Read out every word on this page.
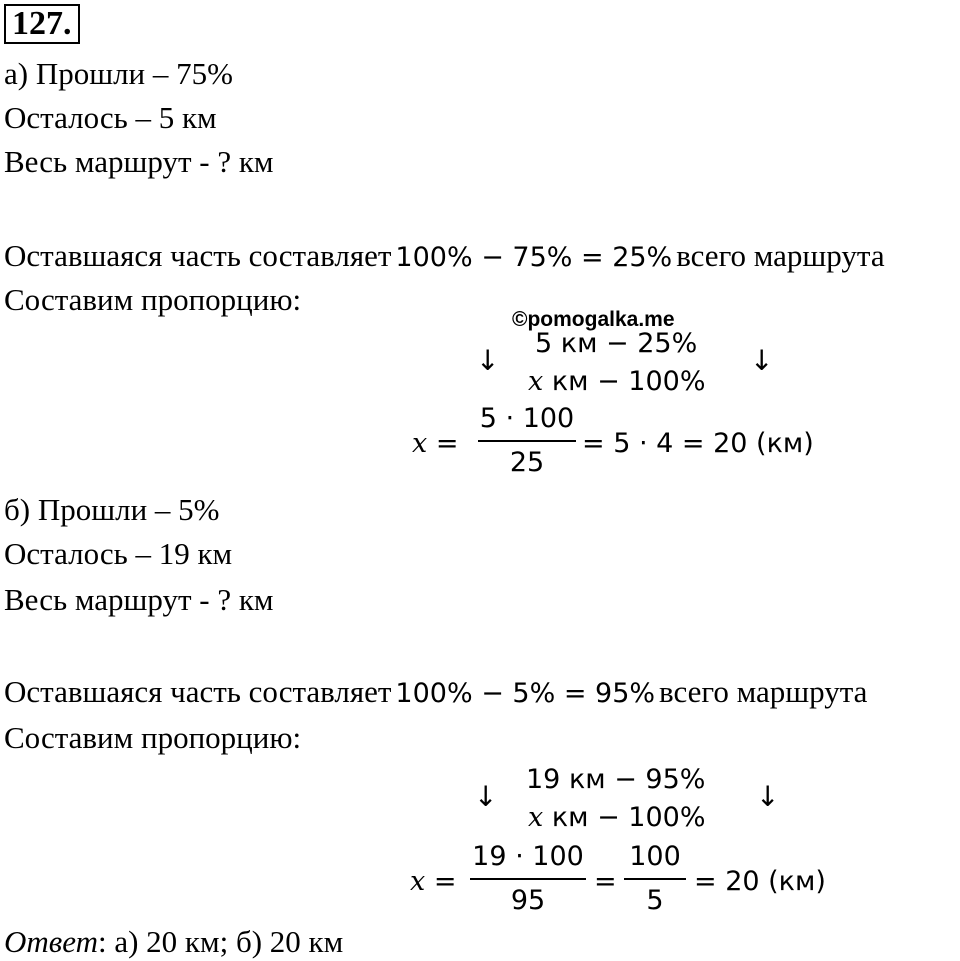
127.
а) Прошли – 75%
Осталось – 5 км
Весь маршрут - ? км
Оставшаяся часть составляет 100% − 75% = 25% всего маршрута
Составим пропорцию:
©pomogalka.me
↓
5 км − 25%
↓
x км − 100%
x =
5 ⋅ 100
25
= 5 ⋅ 4 = 20 (км)
б) Прошли – 5%
Осталось – 19 км
Весь маршрут - ? км
Оставшаяся часть составляет 100% − 5% = 95% всего маршрута
Составим пропорцию:
↓
19 км − 95%
↓
x км − 100%
x =
19 ⋅ 100
95
=
100
5
= 20 (км)
Ответ: а) 20 км; б) 20 км
